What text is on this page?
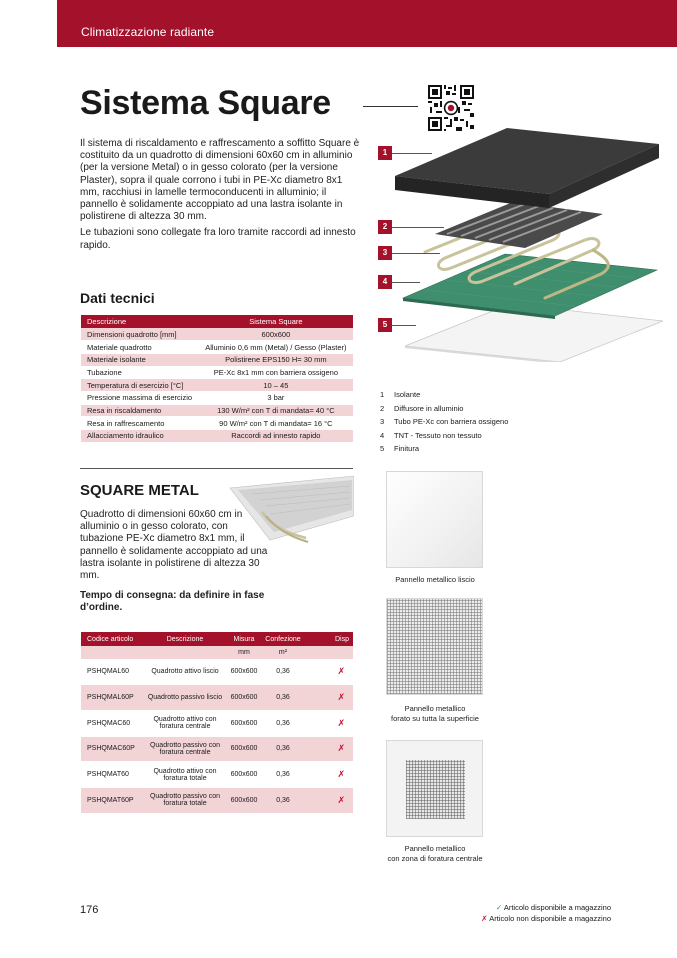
Climatizzazione radiante
Sistema Square

Il sistema di riscaldamento e raffrescamento a soffitto Square è costituito da un quadrotto di dimensioni 60x60 cm in alluminio (per la versione Metal) o in gesso colorato (per la versione Plaster), sopra il quale corrono i tubi in PE-Xc diametro 8x1 mm, racchiusi in lamelle termoconducenti in alluminio; il pannello è solidamente accoppiato ad una lastra isolante in polistirene di altezza 30 mm.

Le tubazioni sono collegate fra loro tramite raccordi ad innesto rapido.

Dati tecnici
Descrizione	Sistema Square
Dimensioni quadrotto [mm]	600x600
Materiale quadrotto	Alluminio 0,6 mm (Metal) / Gesso (Plaster)
Materiale isolante	Polistirene EPS150 H= 30 mm
Tubazione	PE-Xc 8x1 mm con barriera ossigeno
Temperatura di esercizio [°C]	10 – 45
Pressione massima di esercizio	3 bar
Resa in riscaldamento	130 W/m² con T di mandata= 40 °C
Resa in raffrescamento	90 W/m² con T di mandata= 16 °C
Allacciamento idraulico	Raccordi ad innesto rapido
1
2
3
4
5
1 Isolante
2 Diffusore in alluminio
3 Tubo PE-Xc con barriera ossigeno
4 TNT - Tessuto non tessuto
5 Finitura
SQUARE METAL
Quadrotto di dimensioni 60x60 cm in alluminio o in gesso colorato, con tubazione PE-Xc diametro 8x1 mm, il pannello è solidamente accoppiato ad una lastra isolante in polistirene di altezza 30 mm.
Tempo di consegna: da definire in fase d’ordine.
Codice articolo	Descrizione	Misura	Confezione	Disp
		mm	m²	
PSHQMAL60	Quadrotto attivo liscio	600x600	0,36	✗
PSHQMAL60P	Quadrotto passivo liscio	600x600	0,36	✗
PSHQMAC60	Quadrotto attivo con foratura centrale	600x600	0,36	✗
PSHQMAC60P	Quadrotto passivo con foratura centrale	600x600	0,36	✗
PSHQMAT60	Quadrotto attivo con foratura totale	600x600	0,36	✗
PSHQMAT60P	Quadrotto passivo con foratura totale	600x600	0,36	✗
Pannello metallico liscio
Pannello metallico
forato su tutta la superficie
Pannello metallico
con zona di foratura centrale
176	✓ Articolo disponibile a magazzino
✗ Articolo non disponibile a magazzino
